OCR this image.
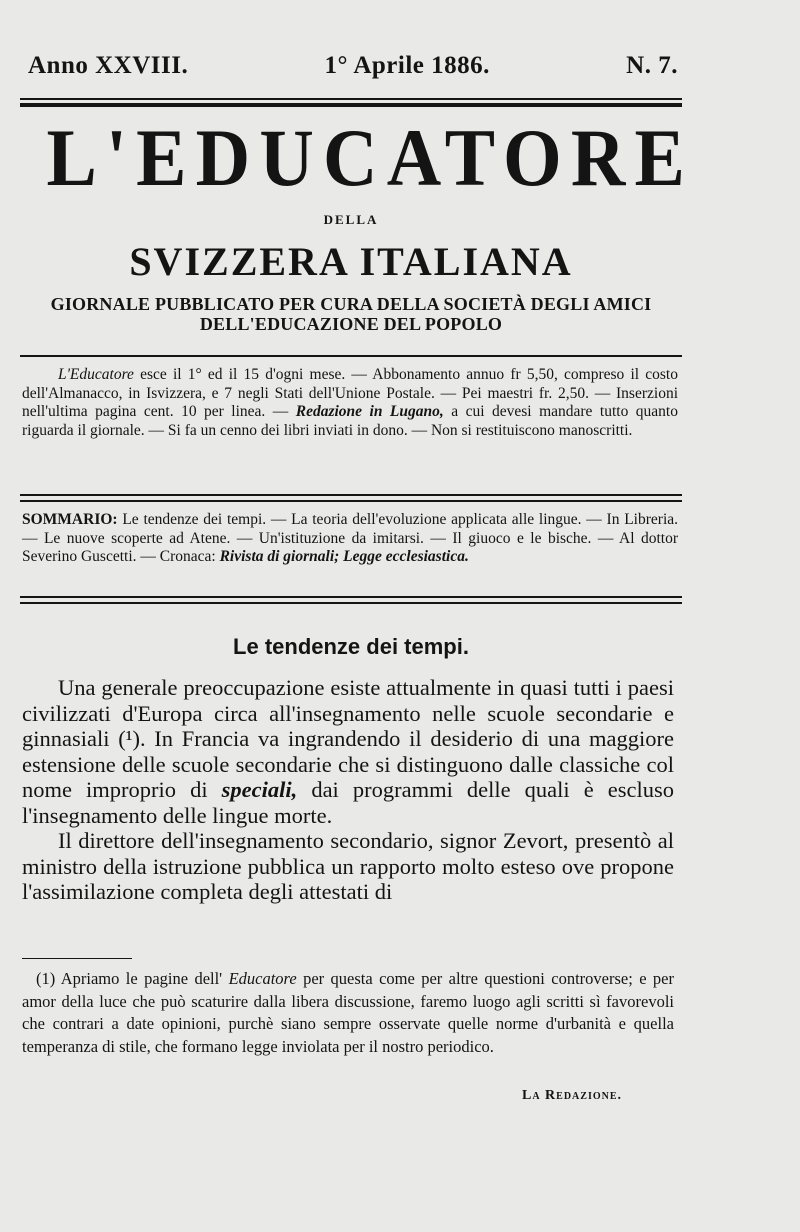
Anno XXVIII.	1° Aprile 1886.	N. 7.
L'EDUCATORE
DELLA
SVIZZERA ITALIANA
GIORNALE PUBBLICATO PER CURA DELLA SOCIETÀ DEGLI AMICI
DELL'EDUCAZIONE DEL POPOLO

L'Educatore esce il 1° ed il 15 d'ogni mese. — Abbonamento annuo fr 5,50, compreso il costo dell'Almanacco, in Isvizzera, e 7 negli Stati dell'Unione Postale. — Pei maestri fr. 2,50. — Inserzioni nell'ultima pagina cent. 10 per linea. — Redazione in Lugano, a cui devesi mandare tutto quanto riguarda il giornale. — Si fa un cenno dei libri inviati in dono. — Non si restituiscono manoscritti.

SOMMARIO: Le tendenze dei tempi. — La teoria dell'evoluzione applicata alle lingue. — In Libreria. — Le nuove scoperte ad Atene. — Un'istituzione da imitarsi. — Il giuoco e le bische. — Al dottor Severino Guscetti. — Cronaca: Rivista di giornali; Legge ecclesiastica.

Le tendenze dei tempi.

Una generale preoccupazione esiste attualmente in quasi tutti i paesi civilizzati d'Europa circa all'insegnamento nelle scuole secondarie e ginnasiali (¹). In Francia va ingrandendo il desiderio di una maggiore estensione delle scuole secondarie che si distinguono dalle classiche col nome improprio di speciali, dai programmi delle quali è escluso l'insegnamento delle lingue morte.

Il direttore dell'insegnamento secondario, signor Zevort, presentò al ministro della istruzione pubblica un rapporto molto esteso ove propone l'assimilazione completa degli attestati di

(1) Apriamo le pagine dell' Educatore per questa come per altre questioni controverse; e per amor della luce che può scaturire dalla libera discussione, faremo luogo agli scritti sì favorevoli che contrari a date opinioni, purchè siano sempre osservate quelle norme d'urbanità e quella temperanza di stile, che formano legge inviolata per il nostro periodico.

La Redazione.
